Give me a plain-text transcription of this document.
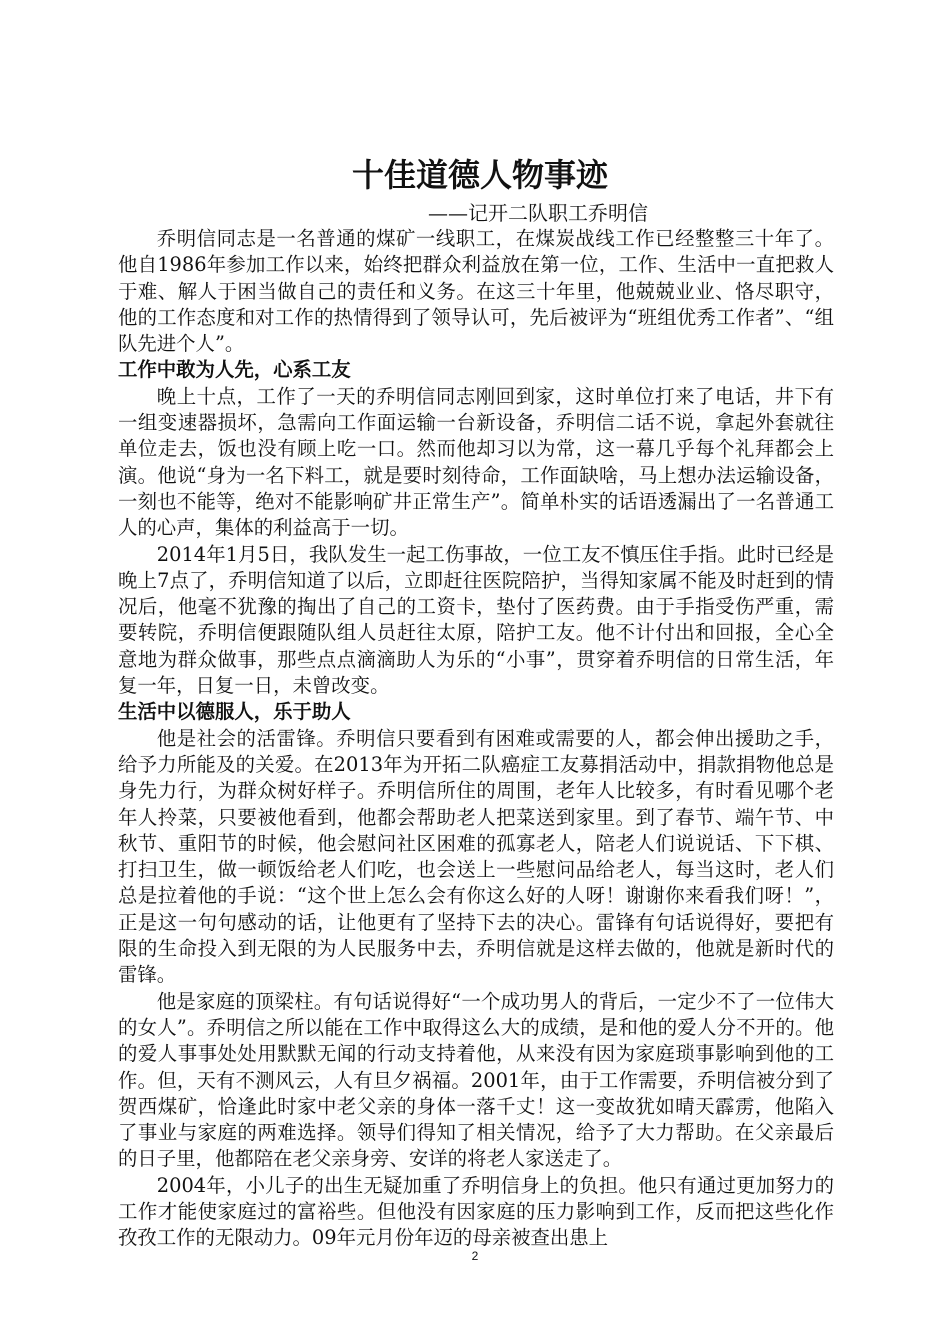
十佳道德人物事迹

——记开二队职工乔明信

乔明信同志是一名普通的煤矿一线职工，在煤炭战线工作已经整整三十年了。他自1986年参加工作以来，始终把群众利益放在第一位，工作、生活中一直把救人于难、解人于困当做自己的责任和义务。在这三十年里，他兢兢业业、恪尽职守，他的工作态度和对工作的热情得到了领导认可，先后被评为“班组优秀工作者”、“组队先进个人”。

工作中敢为人先，心系工友

晚上十点，工作了一天的乔明信同志刚回到家，这时单位打来了电话，井下有一组变速器损坏，急需向工作面运输一台新设备，乔明信二话不说，拿起外套就往单位走去，饭也没有顾上吃一口。然而他却习以为常，这一幕几乎每个礼拜都会上演。他说“身为一名下料工，就是要时刻待命，工作面缺啥，马上想办法运输设备，一刻也不能等，绝对不能影响矿井正常生产”。简单朴实的话语透漏出了一名普通工人的心声，集体的利益高于一切。

2014年1月5日，我队发生一起工伤事故，一位工友不慎压住手指。此时已经是晚上7点了，乔明信知道了以后，立即赶往医院陪护，当得知家属不能及时赶到的情况后，他毫不犹豫的掏出了自己的工资卡，垫付了医药费。由于手指受伤严重，需要转院，乔明信便跟随队组人员赶往太原，陪护工友。他不计付出和回报，全心全意地为群众做事，那些点点滴滴助人为乐的“小事”，贯穿着乔明信的日常生活，年复一年，日复一日，未曾改变。

生活中以德服人，乐于助人

他是社会的活雷锋。乔明信只要看到有困难或需要的人，都会伸出援助之手，给予力所能及的关爱。在2013年为开拓二队癌症工友募捐活动中，捐款捐物他总是身先力行，为群众树好样子。乔明信所住的周围，老年人比较多，有时看见哪个老年人拎菜，只要被他看到，他都会帮助老人把菜送到家里。到了春节、端午节、中秋节、重阳节的时候，他会慰问社区困难的孤寡老人，陪老人们说说话、下下棋、打扫卫生，做一顿饭给老人们吃，也会送上一些慰问品给老人，每当这时，老人们总是拉着他的手说：“这个世上怎么会有你这么好的人呀！谢谢你来看我们呀！”，正是这一句句感动的话，让他更有了坚持下去的决心。雷锋有句话说得好，要把有限的生命投入到无限的为人民服务中去，乔明信就是这样去做的，他就是新时代的雷锋。

他是家庭的顶梁柱。有句话说得好“一个成功男人的背后，一定少不了一位伟大的女人”。乔明信之所以能在工作中取得这么大的成绩，是和他的爱人分不开的。他的爱人事事处处用默默无闻的行动支持着他，从来没有因为家庭琐事影响到他的工作。但，天有不测风云，人有旦夕祸福。2001年，由于工作需要，乔明信被分到了贺西煤矿，恰逢此时家中老父亲的身体一落千丈！这一变故犹如晴天霹雳，他陷入了事业与家庭的两难选择。领导们得知了相关情况，给予了大力帮助。在父亲最后的日子里，他都陪在老父亲身旁、安详的将老人家送走了。

2004年，小儿子的出生无疑加重了乔明信身上的负担。他只有通过更加努力的工作才能使家庭过的富裕些。但他没有因家庭的压力影响到工作，反而把这些化作孜孜工作的无限动力。09年元月份年迈的母亲被查出患上

2
